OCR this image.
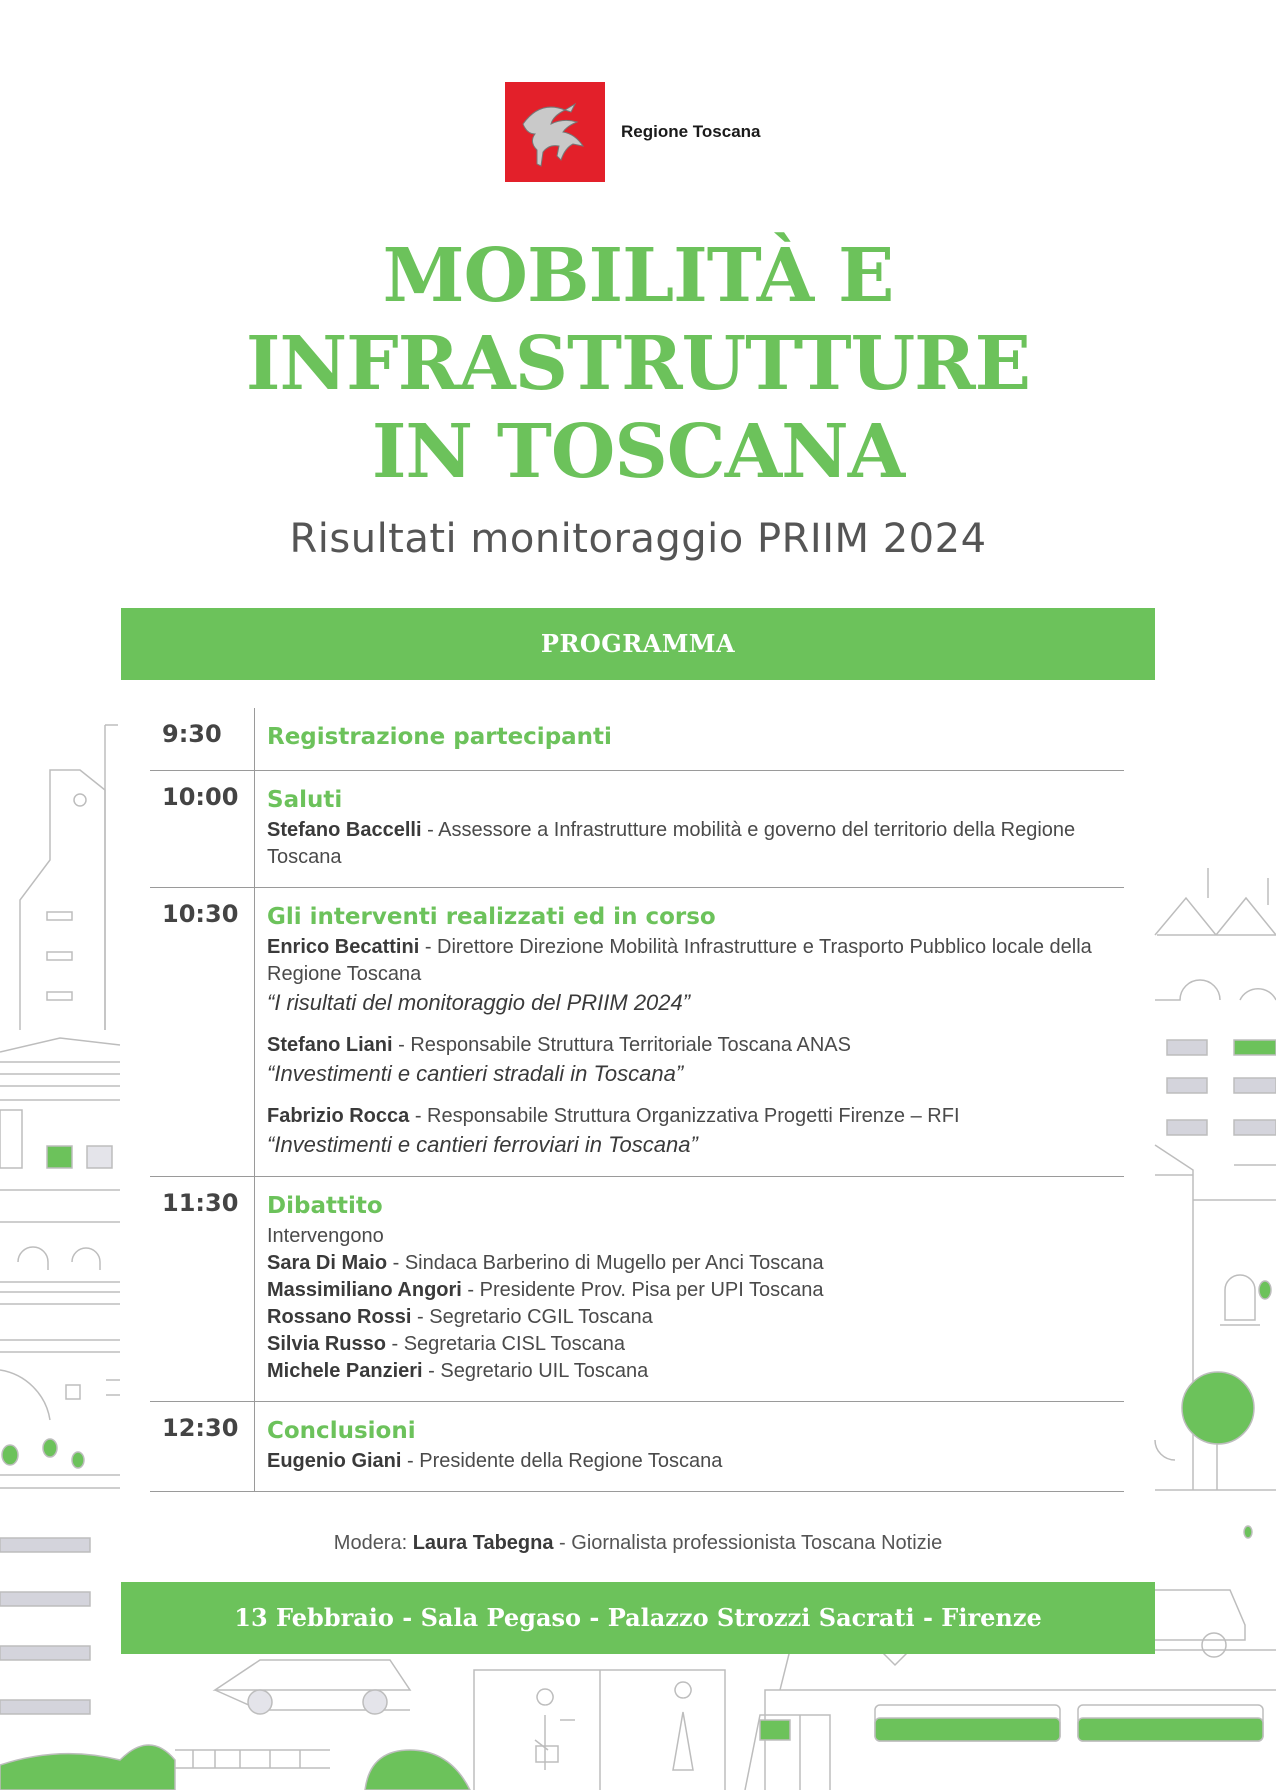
Regione Toscana
MOBILITÀ E
INFRASTRUTTURE
IN TOSCANA
Risultati monitoraggio PRIIM 2024
PROGRAMMA
9:30 Registrazione partecipanti
10:00 Saluti
Stefano Baccelli - Assessore a Infrastrutture mobilità e governo del territorio della Regione Toscana
10:30 Gli interventi realizzati ed in corso
Enrico Becattini - Direttore Direzione Mobilità Infrastrutture e Trasporto Pubblico locale della Regione Toscana
“I risultati del monitoraggio del PRIIM 2024”
Stefano Liani - Responsabile Struttura Territoriale Toscana ANAS
“Investimenti e cantieri stradali in Toscana”
Fabrizio Rocca - Responsabile Struttura Organizzativa Progetti Firenze – RFI
“Investimenti e cantieri ferroviari in Toscana”
11:30 Dibattito
Intervengono
Sara Di Maio - Sindaca Barberino di Mugello per Anci Toscana
Massimiliano Angori - Presidente Prov. Pisa per UPI Toscana
Rossano Rossi - Segretario CGIL Toscana
Silvia Russo - Segretaria CISL Toscana
Michele Panzieri - Segretario UIL Toscana
12:30 Conclusioni
Eugenio Giani - Presidente della Regione Toscana
Modera: Laura Tabegna - Giornalista professionista Toscana Notizie
13 Febbraio - Sala Pegaso - Palazzo Strozzi Sacrati - Firenze
